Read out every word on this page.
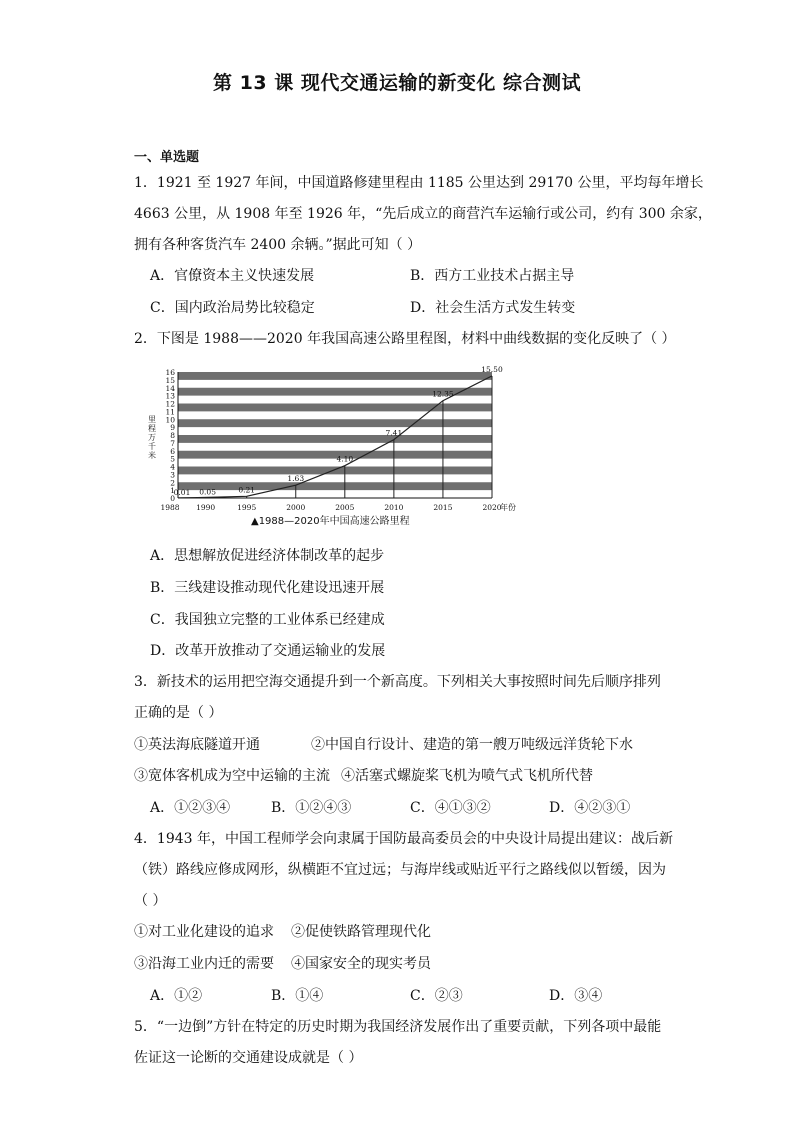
第 13 课 现代交通运输的新变化 综合测试
一、单选题
1．1921 至 1927 年间，中国道路修建里程由 1185 公里达到 29170 公里，平均每年增长
4663 公里，从 1908 年至 1926 年，“先后成立的商营汽车运输行或公司，约有 300 余家，
拥有各种客货汽车 2400 余辆。”据此可知（ ）
A．官僚资本主义快速发展	B．西方工业技术占据主导
C．国内政治局势比较稳定	D．社会生活方式发生转变
2．下图是 1988——2020 年我国高速公路里程图，材料中曲线数据的变化反映了（ ）
0
1
2
3
4
5
6
7
8
9
10
11
12
13
14
15
16
1988 1990	1995	2000	2005	2010	2015	2020
0.01 0.05	0.21
1.63
4.10
7.41
12.35
15.50
里程万千米
年份
▲1988—2020年中国高速公路里程
A．思想解放促进经济体制改革的起步
B．三线建设推动现代化建设迅速开展
C．我国独立完整的工业体系已经建成
D．改革开放推动了交通运输业的发展
3．新技术的运用把空海交通提升到一个新高度。下列相关大事按照时间先后顺序排列
正确的是（ ）
①英法海底隧道开通	②中国自行设计、建造的第一艘万吨级远洋货轮下水
③宽体客机成为空中运输的主流 ④活塞式螺旋桨飞机为喷气式飞机所代替
A．①②③④	B．①②④③	C．④①③②	D．④②③①
4．1943 年，中国工程师学会向隶属于国防最高委员会的中央设计局提出建议：战后新
（铁）路线应修成网形，纵横距不宜过远；与海岸线或贴近平行之路线似以暂缓，因为
（ ）
①对工业化建设的追求 ②促使铁路管理现代化
③沿海工业内迁的需要 ④国家安全的现实考员
A．①②	B．①④	C．②③	D．③④
5．“一边倒”方针在特定的历史时期为我国经济发展作出了重要贡献，下列各项中最能
佐证这一论断的交通建设成就是（ ）
